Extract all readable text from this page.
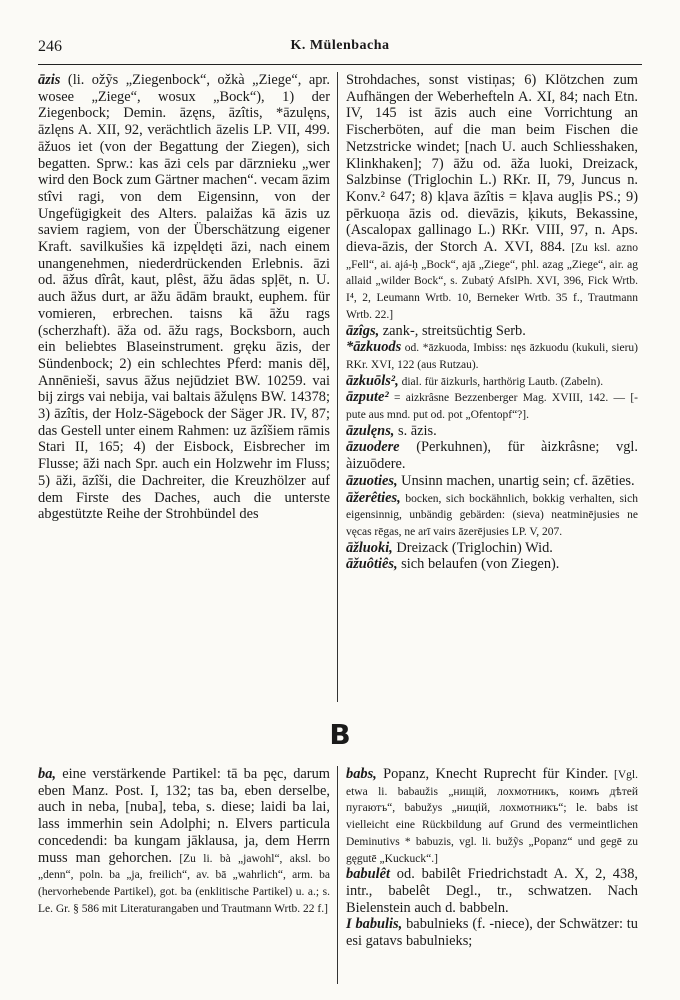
246	K. Mülenbacha

āzis (li. ožỹs „Ziegenbock“, ožkà „Ziege“, apr. wosee „Ziege“, wosux „Bock“), 1) der Ziegenbock; Demin. āzęns, āzîtis, *āzulęns, āzlęns A. XII, 92, verächtlich āzelis LP. VII, 499. āžuos iet (von der Begattung der Ziegen), sich begatten. Sprw.: kas āzi cels par dārznieku „wer wird den Bock zum Gärtner machen“. vecam āzim stîvi ragi, von dem Eigensinn, von der Ungefügigkeit des Alters. palaižas kā āzis uz saviem ragiem, von der Überschätzung eigener Kraft. savilkušies kā izpęldęti āzi, nach einem unangenehmen, niederdrückenden Erlebnis. āzi od. āžus dîrât, kaut, plêst, āžu ādas spļēt, n. U. auch āžus durt, ar āžu ādām braukt, euphem. für vomieren, erbrechen. taisns kā āžu rags (scherzhaft). āža od. āžu rags, Bocksborn, auch ein beliebtes Blaseinstrument. gręku āzis, der Sündenbock; 2) ein schlechtes Pferd: manis dēļ, Annēnieši, savus āžus nejūdziet BW. 10259. vai bij zirgs vai nebija, vai baltais āžulęns BW. 14378; 3) āzîtis, der Holz-Sägebock der Säger JR. IV, 87; das Gestell unter einem Rahmen: uz āzîšiem rāmis Stari II, 165; 4) der Eisbock, Eisbrecher im Flusse; āži nach Spr. auch ein Holzwehr im Fluss; 5) āži, āzîši, die Dachreiter, die Kreuzhölzer auf dem Firste des Daches, auch die unterste abgestützte Reihe der Strohbündel des

Strohdaches, sonst vistiņas; 6) Klötzchen zum Aufhängen der Weberhefteln A. XI, 84; nach Etn. IV, 145 ist āzis auch eine Vorrichtung an Fischerböten, auf die man beim Fischen die Netzstricke windet; [nach U. auch Schliesshaken, Klinkhaken]; 7) āžu od. āža luoki, Dreizack, Salzbinse (Triglochin L.) RKr. II, 79, Juncus n. Konv.² 647; 8) kļava āzîtis = kļava augļis PS.; 9) pērkuoņa āzis od. dievāzis, ķikuts, Bekassine, (Ascalopax gallinago L.) RKr. VIII, 97, n. Aps. dieva-āzis, der Storch A. XVI, 884. [Zu ksl. azno „Fell“, ai. ajá-ḥ „Bock“, ajā „Ziege“, phl. azag „Ziege“, air. ag allaid „wilder Bock“, s. Zubatý AfslPh. XVI, 396, Fick Wrtb. I⁴, 2, Leumann Wrtb. 10, Berneker Wrtb. 35 f., Trautmann Wrtb. 22.]

āzîgs, zank-, streitsüchtig Serb.

*āzkuods od. *āzkuoda, Imbiss: nęs āzkuodu (kukuli, sieru) RKr. XVI, 122 (aus Rutzau).

āzkuōls², dial. für āizkurls, harthörig Lautb. (Zabeln).

āzpute² = aizkrâsne Bezzenberger Mag. XVIII, 142. — [-pute aus mnd. put od. pot „Ofentopf“?].

āzulęns, s. āzis.

āzuodere (Perkuhnen), für àizkrâsne; vgl. àizuōdere.

āzuoties, Unsinn machen, unartig sein; cf. āzēties.

āžerêties, bocken, sich bockähnlich, bokkig verhalten, sich eigensinnig, unbändig gebärden: (sieva) neatminējusies ne vęcas rēgas, ne arī vairs āzerējusies LP. V, 207.

āžluoki, Dreizack (Triglochin) Wid.

āžuôtiês, sich belaufen (von Ziegen).

B

ba, eine verstärkende Partikel: tā ba pęc, darum eben Manz. Post. I, 132; tas ba, eben derselbe, auch in neba, [nuba], teba, s. diese; laidi ba lai, lass immerhin sein Adolphi; n. Elvers particula concedendi: ba kungam jāklausa, ja, dem Herrn muss man gehorchen. [Zu li. bà „jawohl“, aksl. bo „denn“, poln. ba „ja, freilich“, av. bā „wahrlich“, arm. ba (hervorhebende Partikel), got. ba (enklitische Partikel) u. a.; s. Le. Gr. § 586 mit Literaturangaben und Trautmann Wrtb. 22 f.]

babs, Popanz, Knecht Ruprecht für Kinder. [Vgl. etwa li. babaužis „нищій, лохмотникъ, коимъ дѣтей пугаютъ“, babužys „нищій, лохмотникъ“; le. babs ist vielleicht eine Rückbildung auf Grund des vermeintlichen Deminutivs * babuzis, vgl. li. bužỹs „Popanz“ und gegē zu gęgutē „Kuckuck“.]

babulêt od. babilêt Friedrichstadt A. X, 2, 438, intr., babelêt Degl., tr., schwatzen. Nach Bielenstein auch d. babbeln.

I babulis, babulnieks (f. -niece), der Schwätzer: tu esi gatavs babulnieks;
